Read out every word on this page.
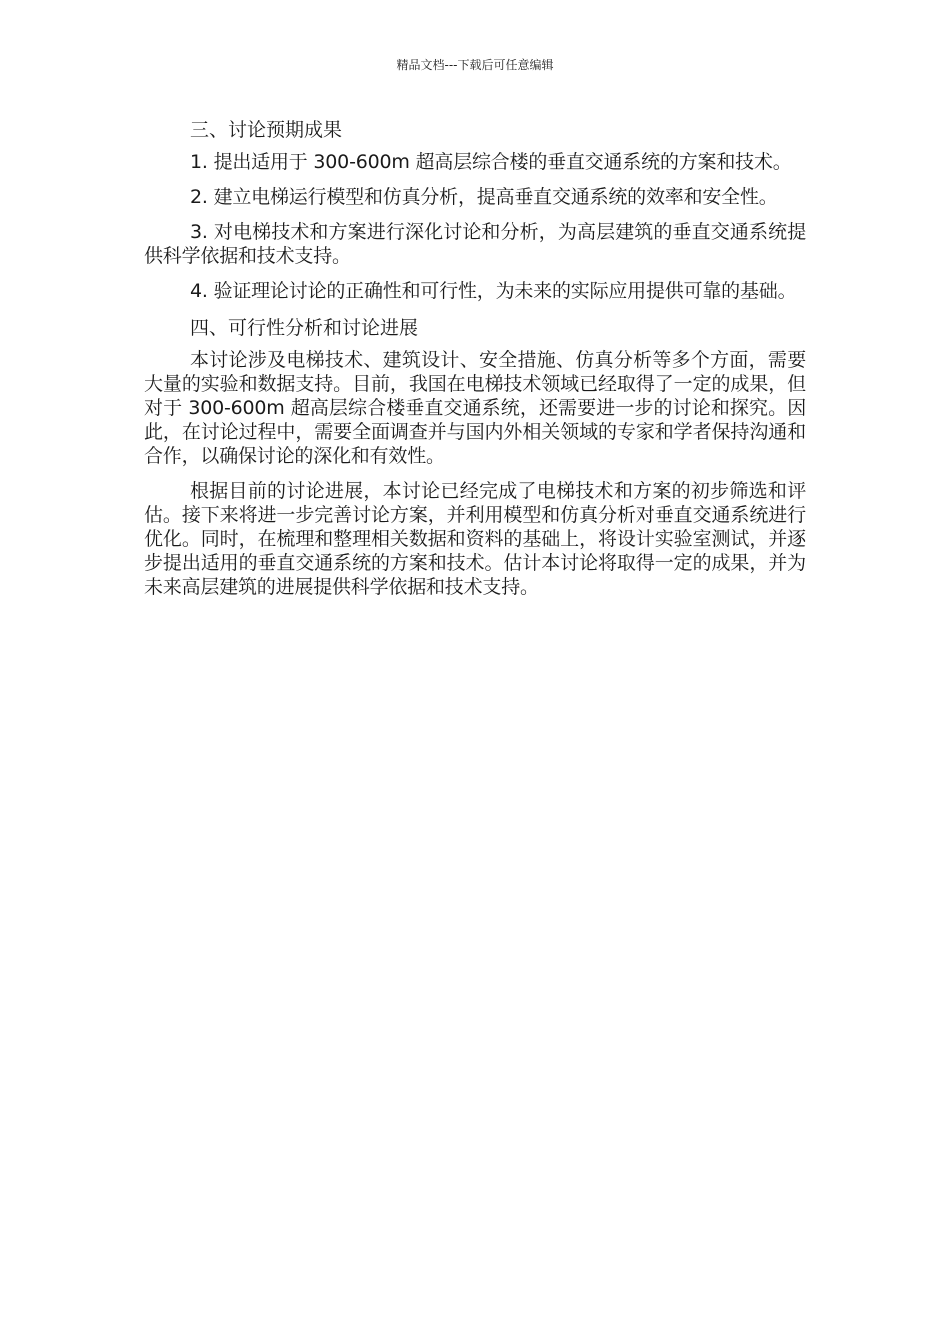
精品文档---下载后可任意编辑
三、讨论预期成果

1. 提出适用于 300-600m 超高层综合楼的垂直交通系统的方案和技术。

2. 建立电梯运行模型和仿真分析，提高垂直交通系统的效率和安全性。

3. 对电梯技术和方案进行深化讨论和分析，为高层建筑的垂直交通系统提供科学依据和技术支持。

4. 验证理论讨论的正确性和可行性，为未来的实际应用提供可靠的基础。

四、可行性分析和讨论进展

本讨论涉及电梯技术、建筑设计、安全措施、仿真分析等多个方面，需要大量的实验和数据支持。目前，我国在电梯技术领域已经取得了一定的成果，但对于 300-600m 超高层综合楼垂直交通系统，还需要进一步的讨论和探究。因此，在讨论过程中，需要全面调查并与国内外相关领域的专家和学者保持沟通和合作，以确保讨论的深化和有效性。

根据目前的讨论进展，本讨论已经完成了电梯技术和方案的初步筛选和评估。接下来将进一步完善讨论方案，并利用模型和仿真分析对垂直交通系统进行优化。同时，在梳理和整理相关数据和资料的基础上，将设计实验室测试，并逐步提出适用的垂直交通系统的方案和技术。估计本讨论将取得一定的成果，并为未来高层建筑的进展提供科学依据和技术支持。
